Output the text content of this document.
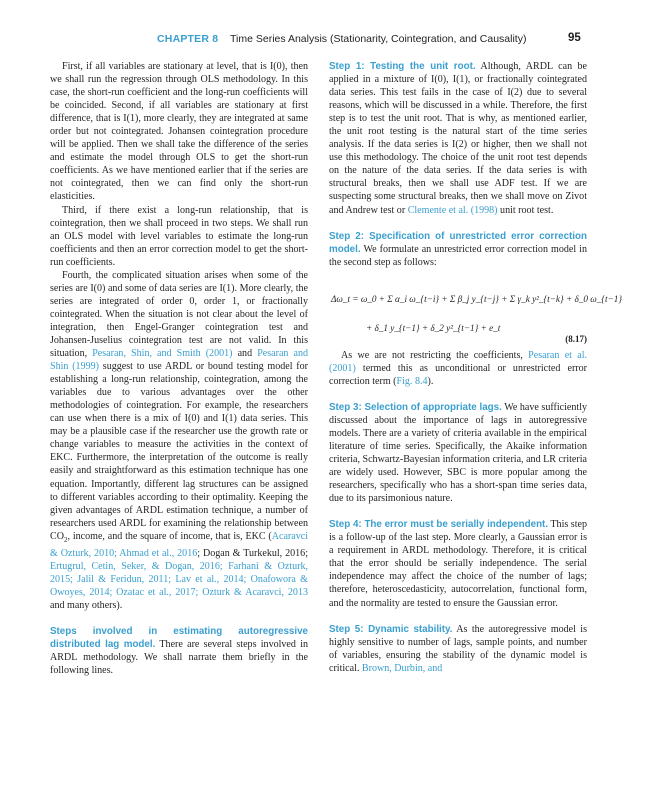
CHAPTER 8 Time Series Analysis (Stationarity, Cointegration, and Causality)	95

First, if all variables are stationary at level, that is I(0), then we shall run the regression through OLS methodology. In this case, the short-run coefficient and the long-run coefficients will be coincided. Second, if all variables are stationary at first difference, that is I(1), more clearly, they are integrated at same order but not cointegrated. Johansen cointegration procedure will be applied. Then we shall take the difference of the series and estimate the model through OLS to get the short-run coefficients. As we have mentioned earlier that if the series are not cointegrated, then we can find only the short-run elasticities.

Third, if there exist a long-run relationship, that is cointegration, then we shall proceed in two steps. We shall run an OLS model with level variables to estimate the long-run coefficients and then an error correction model to get the short-run coefficients.

Fourth, the complicated situation arises when some of the series are I(0) and some of data series are I(1). More clearly, the series are integrated of order 0, order 1, or fractionally cointegrated. When the situation is not clear about the level of integration, then Engel-Granger cointegration test and Johansen-Juselius cointegration test are not valid. In this situation, Pesaran, Shin, and Smith (2001) and Pesaran and Shin (1999) suggest to use ARDL or bound testing model for establishing a long-run relationship, cointegration, among the variables due to various advantages over the other methodologies of cointegration. For example, the researchers can use when there is a mix of I(0) and I(1) data series. This may be a plausible case if the researcher use the growth rate or change variables to measure the activities in the context of EKC. Furthermore, the interpretation of the outcome is really easily and straightforward as this estimation technique has one equation. Importantly, different lag structures can be assigned to different variables according to their optimality. Keeping the given advantages of ARDL estimation technique, a number of researchers used ARDL for examining the relationship between $CO_2$, income, and the square of income, that is, EKC (Acaravci & Ozturk, 2010; Ahmad et al., 2016; Dogan & Turkekul, 2016; Ertugrul, Cetin, Seker, & Dogan, 2016; Farhani & Ozturk, 2015; Jalil & Feridun, 2011; Lav et al., 2014; Onafowora & Owoyes, 2014; Ozatac et al., 2017; Ozturk & Acaravci, 2013 and many others).

Steps involved in estimating autoregressive distributed lag model. There are several steps involved in ARDL methodology. We shall narrate them briefly in the following lines.

Step 1: Testing the unit root. Although, ARDL can be applied in a mixture of I(0), I(1), or fractionally cointegrated data series. This test fails in the case of I(2) due to several reasons, which will be discussed in a while. Therefore, the first step is to test the unit root. That is why, as mentioned earlier, the unit root testing is the natural start of the time series analysis. If the data series is I(2) or higher, then we shall not use this methodology. The choice of the unit root test depends on the nature of the data series. If the data series is with structural breaks, then we shall use ADF test. If we are suspecting some structural breaks, then we shall move on Zivot and Andrew test or Clemente et al. (1998) unit root test.

Step 2: Specification of unrestricted error correction model. We formulate an unrestricted error correction model in the second step as follows:

Δω_t = ω_0 + Σ α_i ω_{t−i} + Σ β_j y_{t−j} + Σ γ_k y²_{t−k} + δ_0 ω_{t−1}
+ δ_1 y_{t−1} + δ_2 y²_{t−1} + e_t
(8.17)

As we are not restricting the coefficients, Pesaran et al. (2001) termed this as unconditional or unrestricted error correction term (Fig. 8.4).

Step 3: Selection of appropriate lags. We have sufficiently discussed about the importance of lags in autoregressive models. There are a variety of criteria available in the empirical literature of time series. Specifically, the Akaike information criteria, Schwartz-Bayesian information criteria, and LR criteria are widely used. However, SBC is more popular among the researchers, specifically who has a short-span time series data, due to its parsimonious nature.

Step 4: The error must be serially independent. This step is a follow-up of the last step. More clearly, a Gaussian error is a requirement in ARDL methodology. Therefore, it is critical that the error should be serially independence. The serial independence may affect the choice of the number of lags; therefore, heteroscedasticity, autocorrelation, functional form, and the normality are tested to ensure the Gaussian error.

Step 5: Dynamic stability. As the autoregressive model is highly sensitive to number of lags, sample points, and number of variables, ensuring the stability of the dynamic model is critical. Brown, Durbin, and
